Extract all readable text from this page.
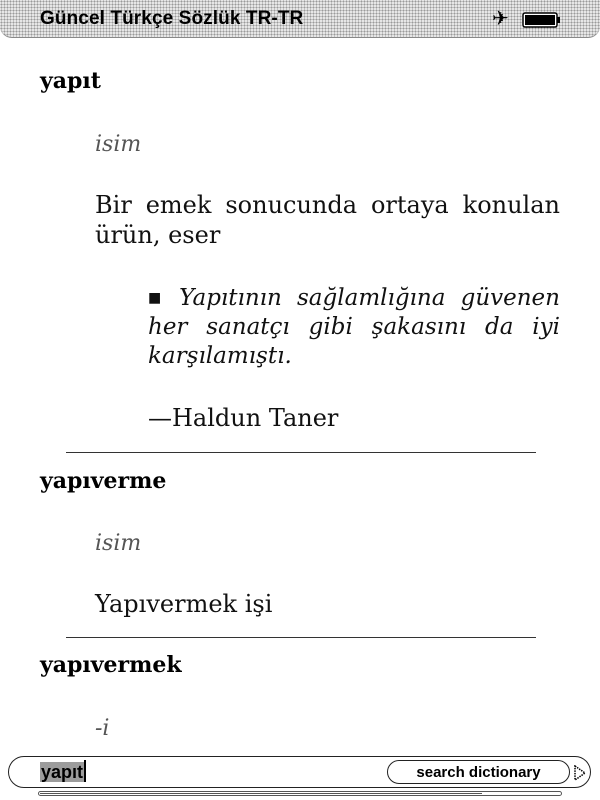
Güncel Türkçe Sözlük TR-TR	✈
yapıt
isim
Bir emek sonucunda ortaya konulan ürün, eser
■ Yapıtının sağlamlığına güvenen her sanatçı gibi şakasını da iyi karşılamıştı.
—Haldun Taner
yapıverme
isim
Yapıvermek işi
yapıvermek
-i
yapıt	search dictionary
